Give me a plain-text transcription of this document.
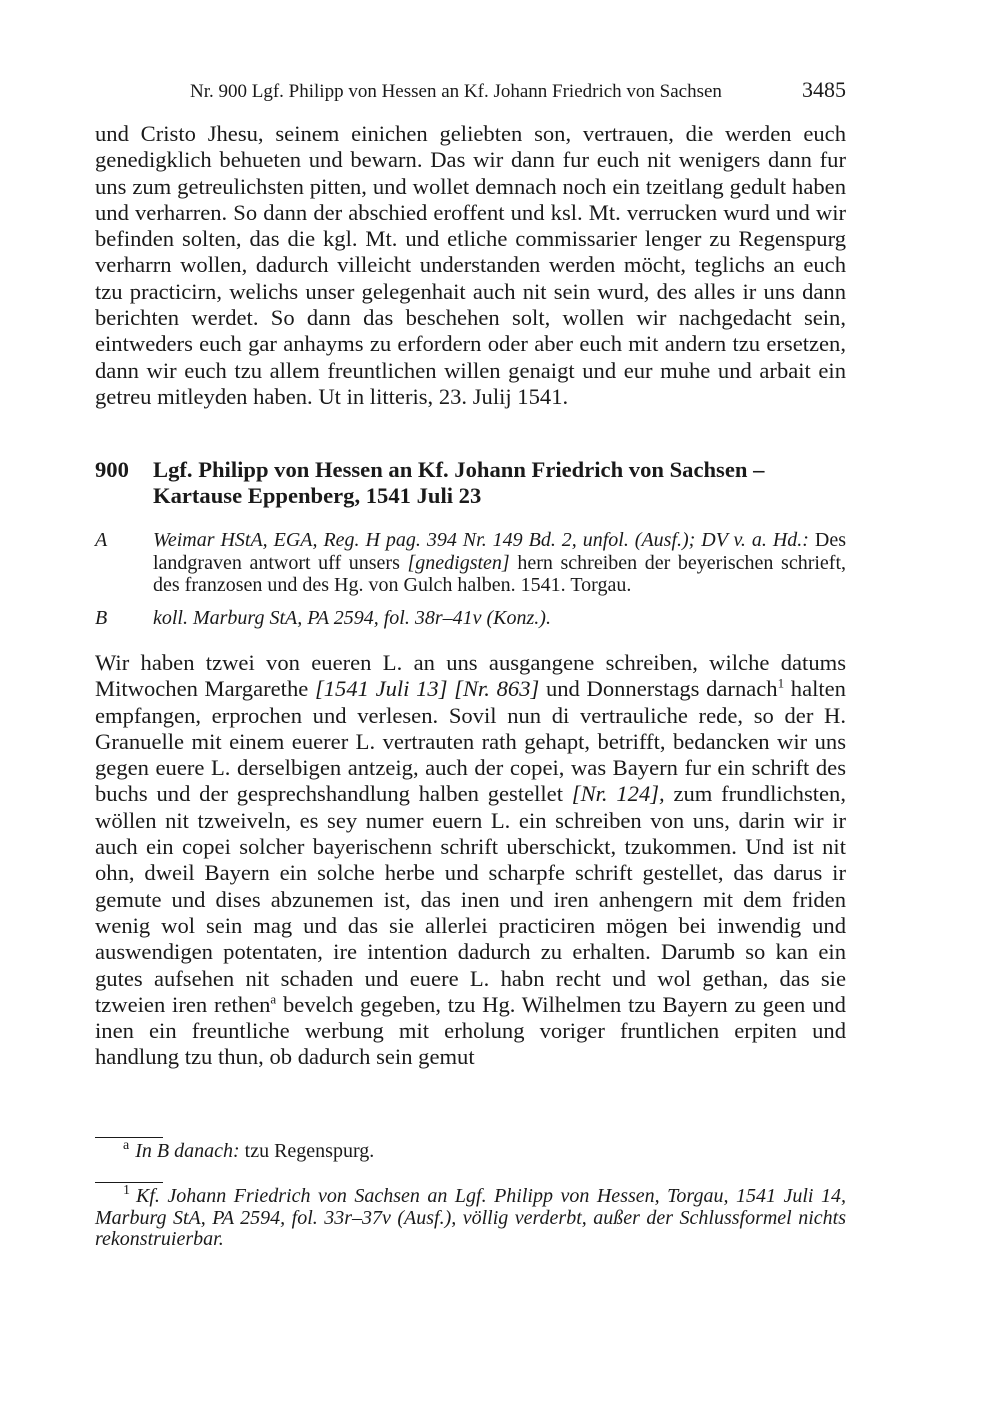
Nr. 900 Lgf. Philipp von Hessen an Kf. Johann Friedrich von Sachsen	3485

und Cristo Jhesu, seinem einichen geliebten son, vertrauen, die werden euch genedigklich behueten und bewarn. Das wir dann fur euch nit wenigers dann fur uns zum getreulichsten pitten, und wollet demnach noch ein tzeitlang gedult haben und verharren. So dann der abschied eroffent und ksl. Mt. verrucken wurd und wir befinden solten, das die kgl. Mt. und etliche commissarier lenger zu Regenspurg verharrn wollen, dadurch villeicht understanden werden möcht, teglichs an euch tzu practicirn, welichs unser gelegenhait auch nit sein wurd, des alles ir uns dann berichten werdet. So dann das beschehen solt, wollen wir nachgedacht sein, eintweders euch gar anhayms zu erfordern oder aber euch mit andern tzu ersetzen, dann wir euch tzu allem freuntlichen willen genaigt und eur muhe und arbait ein getreu mitleyden haben. Ut in litteris, 23. Julij 1541.

900 Lgf. Philipp von Hessen an Kf. Johann Friedrich von Sachsen – Kartause Eppenberg, 1541 Juli 23
A Weimar HStA, EGA, Reg. H pag. 394 Nr. 149 Bd. 2, unfol. (Ausf.); DV v. a. Hd.: Des landgraven antwort uff unsers [gnedigsten] hern schreiben der beyerischen schrieft, des franzosen und des Hg. von Gulch halben. 1541. Torgau.
B koll. Marburg StA, PA 2594, fol. 38r–41v (Konz.).

Wir haben tzwei von eueren L. an uns ausgangene schreiben, wilche datums Mitwochen Margarethe [1541 Juli 13] [Nr. 863] und Donnerstags darnach$^1$ halten empfangen, erprochen und verlesen. Sovil nun di vertrauliche rede, so der H. Granuelle mit einem euerer L. vertrauten rath gehapt, betrifft, bedancken wir uns gegen euere L. derselbigen antzeig, auch der copei, was Bayern fur ein schrift des buchs und der gesprechshandlung halben gestellet [Nr. 124], zum frundlichsten, wöllen nit tzweiveln, es sey numer euern L. ein schreiben von uns, darin wir ir auch ein copei solcher bayerischenn schrift uberschickt, tzukommen. Und ist nit ohn, dweil Bayern ein solche herbe und scharpfe schrift gestellet, das darus ir gemute und dises abzunemen ist, das inen und iren anhengern mit dem friden wenig wol sein mag und das sie allerlei practiciren mögen bei inwendig und auswendigen potentaten, ire intention dadurch zu erhalten. Darumb so kan ein gutes aufsehen nit schaden und euere L. habn recht und wol gethan, das sie tzweien iren rethen$^a$ bevelch gegeben, tzu Hg. Wilhelmen tzu Bayern zu geen und inen ein freuntliche werbung mit erholung voriger fruntlichen erpiten und handlung tzu thun, ob dadurch sein gemut

$^a$ In B danach: tzu Regenspurg.
$^1$ Kf. Johann Friedrich von Sachsen an Lgf. Philipp von Hessen, Torgau, 1541 Juli 14, Marburg StA, PA 2594, fol. 33r–37v (Ausf.), völlig verderbt, außer der Schlussformel nichts rekonstruierbar.
